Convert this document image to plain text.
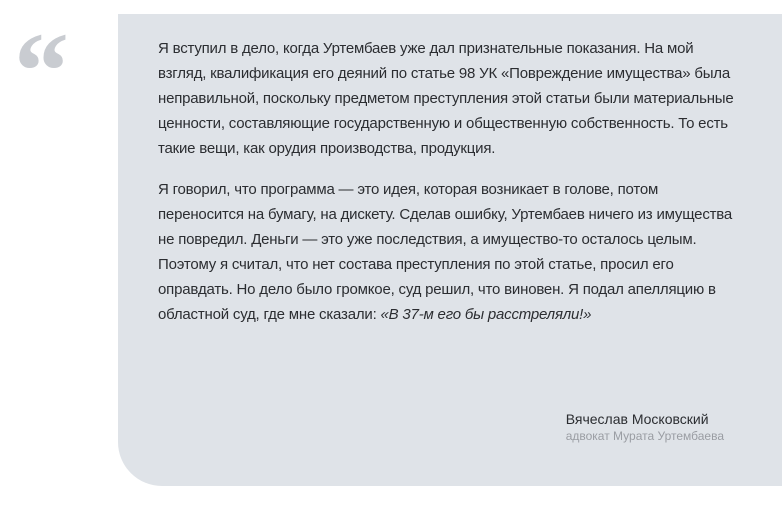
“	Я вступил в дело, когда Уртембаев уже дал признательные показания. На мой взгляд, квалификация его деяний по статье 98 УК «Повреждение имущества» была неправильной, поскольку предметом преступления этой статьи были материальные ценности, составляющие государственную и общественную собственность. То есть такие вещи, как орудия производства, продукция.

Я говорил, что программа — это идея, которая возникает в голове, потом переносится на бумагу, на дискету. Сделав ошибку, Уртембаев ничего из имущества не повредил. Деньги — это уже последствия, а имущество-то осталось целым. Поэтому я считал, что нет состава преступления по этой статье, просил его оправдать. Но дело было громкое, суд решил, что виновен. Я подал апелляцию в областной суд, где мне сказали: «В 37-м его бы расстреляли!»

Вячеслав Московский
адвокат Мурата Уртембаева
